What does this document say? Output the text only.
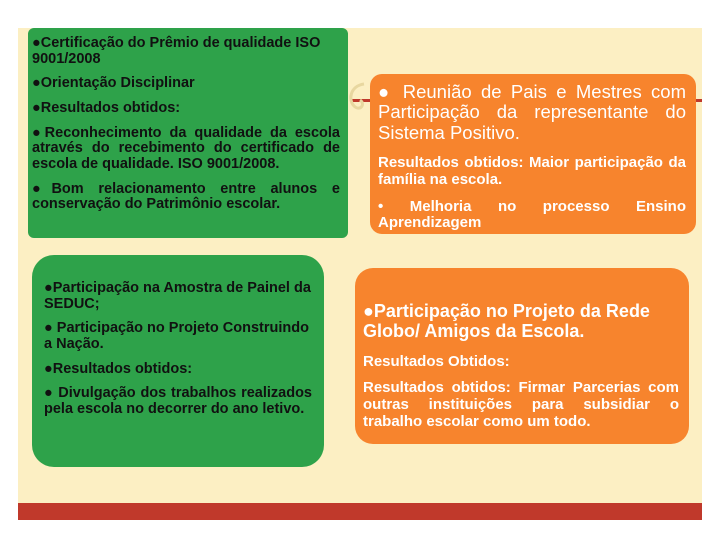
●Certificação do Prêmio de qualidade ISO 9001/2008

●Orientação Disciplinar

●Resultados obtidos:

●Reconhecimento da qualidade da escola através do recebimento do certificado de escola de qualidade. ISO 9001/2008.

●Bom relacionamento entre alunos e conservação do Patrimônio escolar.

● Reunião de Pais e Mestres com Participação da representante do Sistema Positivo.

Resultados obtidos: Maior participação da família na escola.

• Melhoria no processo Ensino Aprendizagem

●Participação na Amostra de Painel da SEDUC;

● Participação no Projeto Construindo a Nação.

●Resultados obtidos:

● Divulgação dos trabalhos realizados pela escola no decorrer do ano letivo.

●Participação no Projeto da Rede Globo/ Amigos da Escola.

Resultados Obtidos:

Resultados obtidos: Firmar Parcerias com outras instituições para subsidiar o trabalho escolar como um todo.
